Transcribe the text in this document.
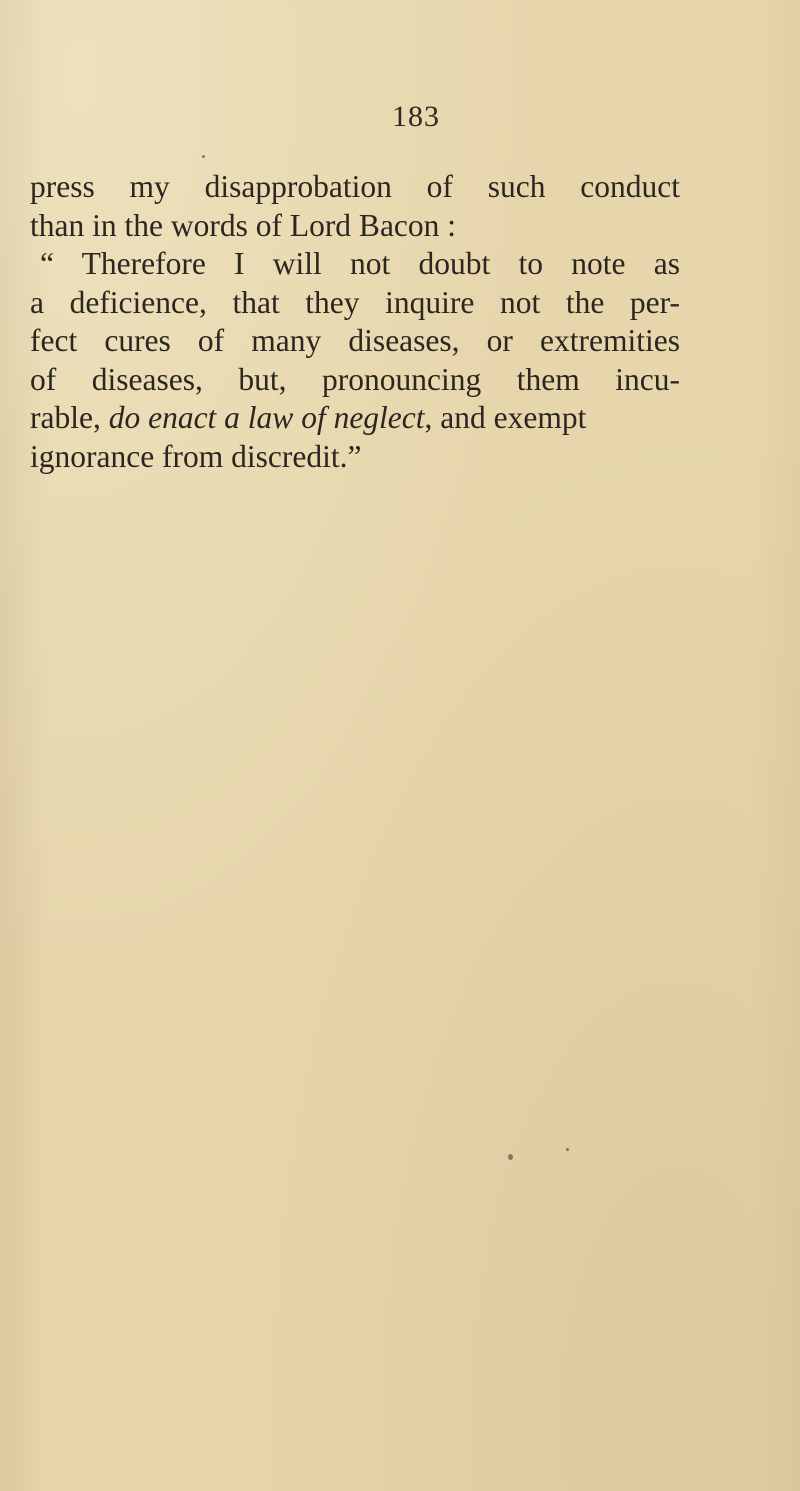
183
press my disapprobation of such conduct
than in the words of Lord Bacon :
“ Therefore I will not doubt to note as
a deficience, that they inquire not the per-
fect cures of many diseases, or extremities
of diseases, but, pronouncing them incu-
rable, do enact a law of neglect, and exempt
ignorance from discredit.”
